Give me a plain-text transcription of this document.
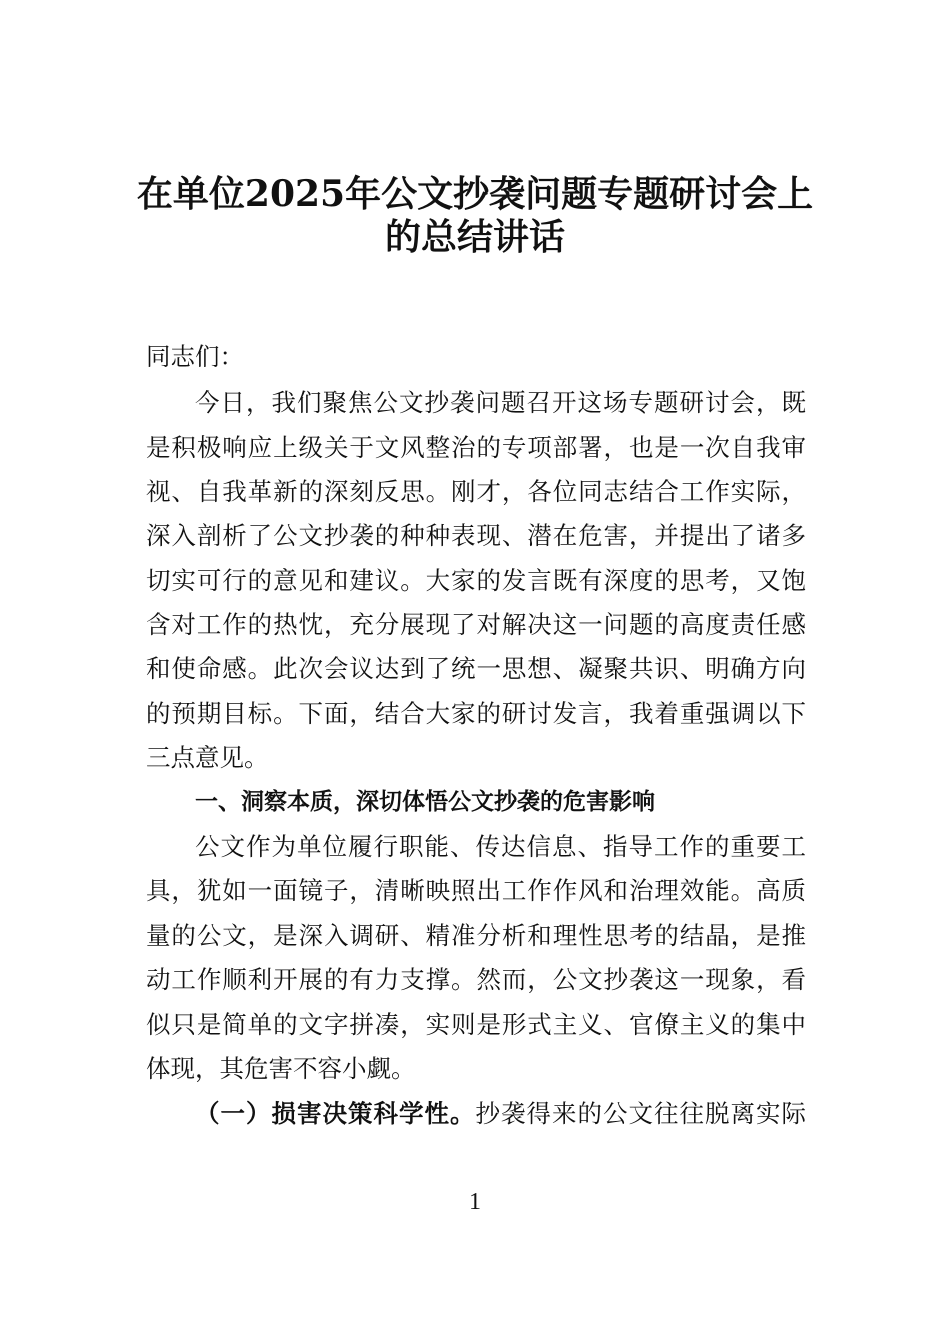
在单位2025年公文抄袭问题专题研讨会上
的总结讲话

同志们：

今日，我们聚焦公文抄袭问题召开这场专题研讨会，既

是积极响应上级关于文风整治的专项部署，也是一次自我审

视、自我革新的深刻反思。刚才，各位同志结合工作实际，

深入剖析了公文抄袭的种种表现、潜在危害，并提出了诸多

切实可行的意见和建议。大家的发言既有深度的思考，又饱

含对工作的热忱，充分展现了对解决这一问题的高度责任感

和使命感。此次会议达到了统一思想、凝聚共识、明确方向

的预期目标。下面，结合大家的研讨发言，我着重强调以下

三点意见。

一、洞察本质，深切体悟公文抄袭的危害影响

公文作为单位履行职能、传达信息、指导工作的重要工

具，犹如一面镜子，清晰映照出工作作风和治理效能。高质

量的公文，是深入调研、精准分析和理性思考的结晶，是推

动工作顺利开展的有力支撑。然而，公文抄袭这一现象，看

似只是简单的文字拼凑，实则是形式主义、官僚主义的集中

体现，其危害不容小觑。

（一）损害决策科学性。抄袭得来的公文往往脱离实际

1
